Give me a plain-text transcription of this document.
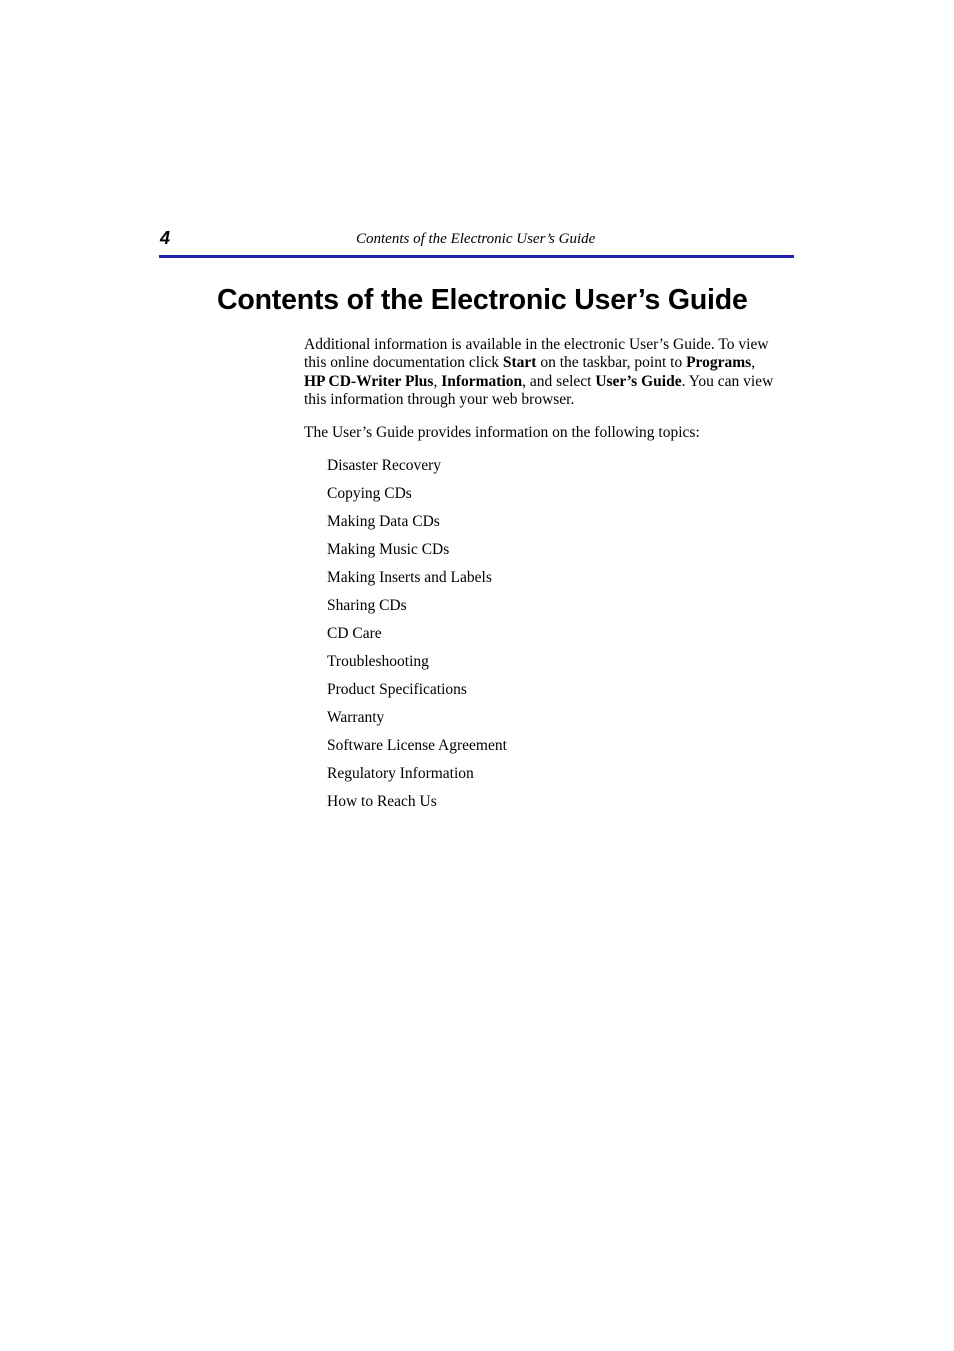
4	Contents of the Electronic User’s Guide
Contents of the Electronic User’s Guide

Additional information is available in the electronic User’s Guide. To view this online documentation click Start on the taskbar, point to Programs, HP CD-Writer Plus, Information, and select User’s Guide. You can view this information through your web browser.

The User’s Guide provides information on the following topics:

Disaster Recovery
Copying CDs
Making Data CDs
Making Music CDs
Making Inserts and Labels
Sharing CDs
CD Care
Troubleshooting
Product Specifications
Warranty
Software License Agreement
Regulatory Information
How to Reach Us
